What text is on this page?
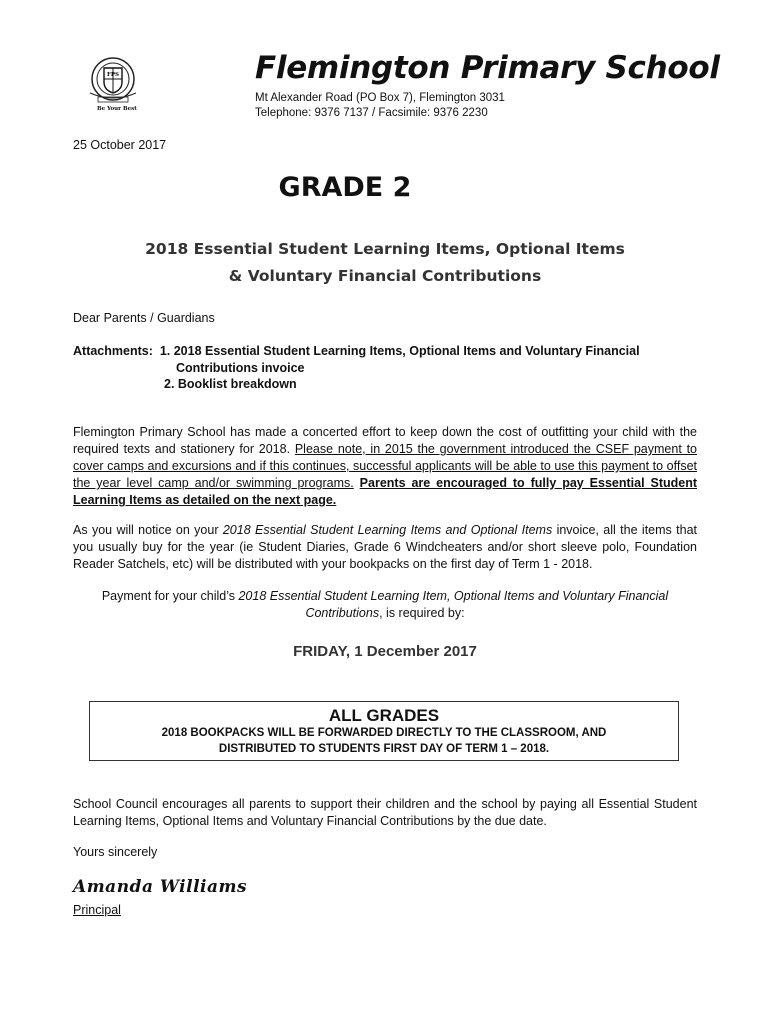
FPS
Be Your Best
Flemington Primary School
Mt Alexander Road (PO Box 7), Flemington 3031
Telephone: 9376 7137 / Facsimile: 9376 2230
25 October 2017
GRADE 2
2018 Essential Student Learning Items, Optional Items
& Voluntary Financial Contributions
Dear Parents / Guardians
Attachments: 1. 2018 Essential Student Learning Items, Optional Items and Voluntary Financial
Contributions invoice
2. Booklist breakdown
Flemington Primary School has made a concerted effort to keep down the cost of outfitting your child with the required texts and stationery for 2018. Please note, in 2015 the government introduced the CSEF payment to cover camps and excursions and if this continues, successful applicants will be able to use this payment to offset the year level camp and/or swimming programs. Parents are encouraged to fully pay Essential Student Learning Items as detailed on the next page.
As you will notice on your 2018 Essential Student Learning Items and Optional Items invoice, all the items that you usually buy for the year (ie Student Diaries, Grade 6 Windcheaters and/or short sleeve polo, Foundation Reader Satchels, etc) will be distributed with your bookpacks on the first day of Term 1 - 2018.
Payment for your child’s 2018 Essential Student Learning Item, Optional Items and Voluntary Financial Contributions, is required by:
FRIDAY, 1 December 2017
ALL GRADES
2018 BOOKPACKS WILL BE FORWARDED DIRECTLY TO THE CLASSROOM, AND
DISTRIBUTED TO STUDENTS FIRST DAY OF TERM 1 – 2018.
School Council encourages all parents to support their children and the school by paying all Essential Student Learning Items, Optional Items and Voluntary Financial Contributions by the due date.
Yours sincerely
Amanda Williams
Principal
